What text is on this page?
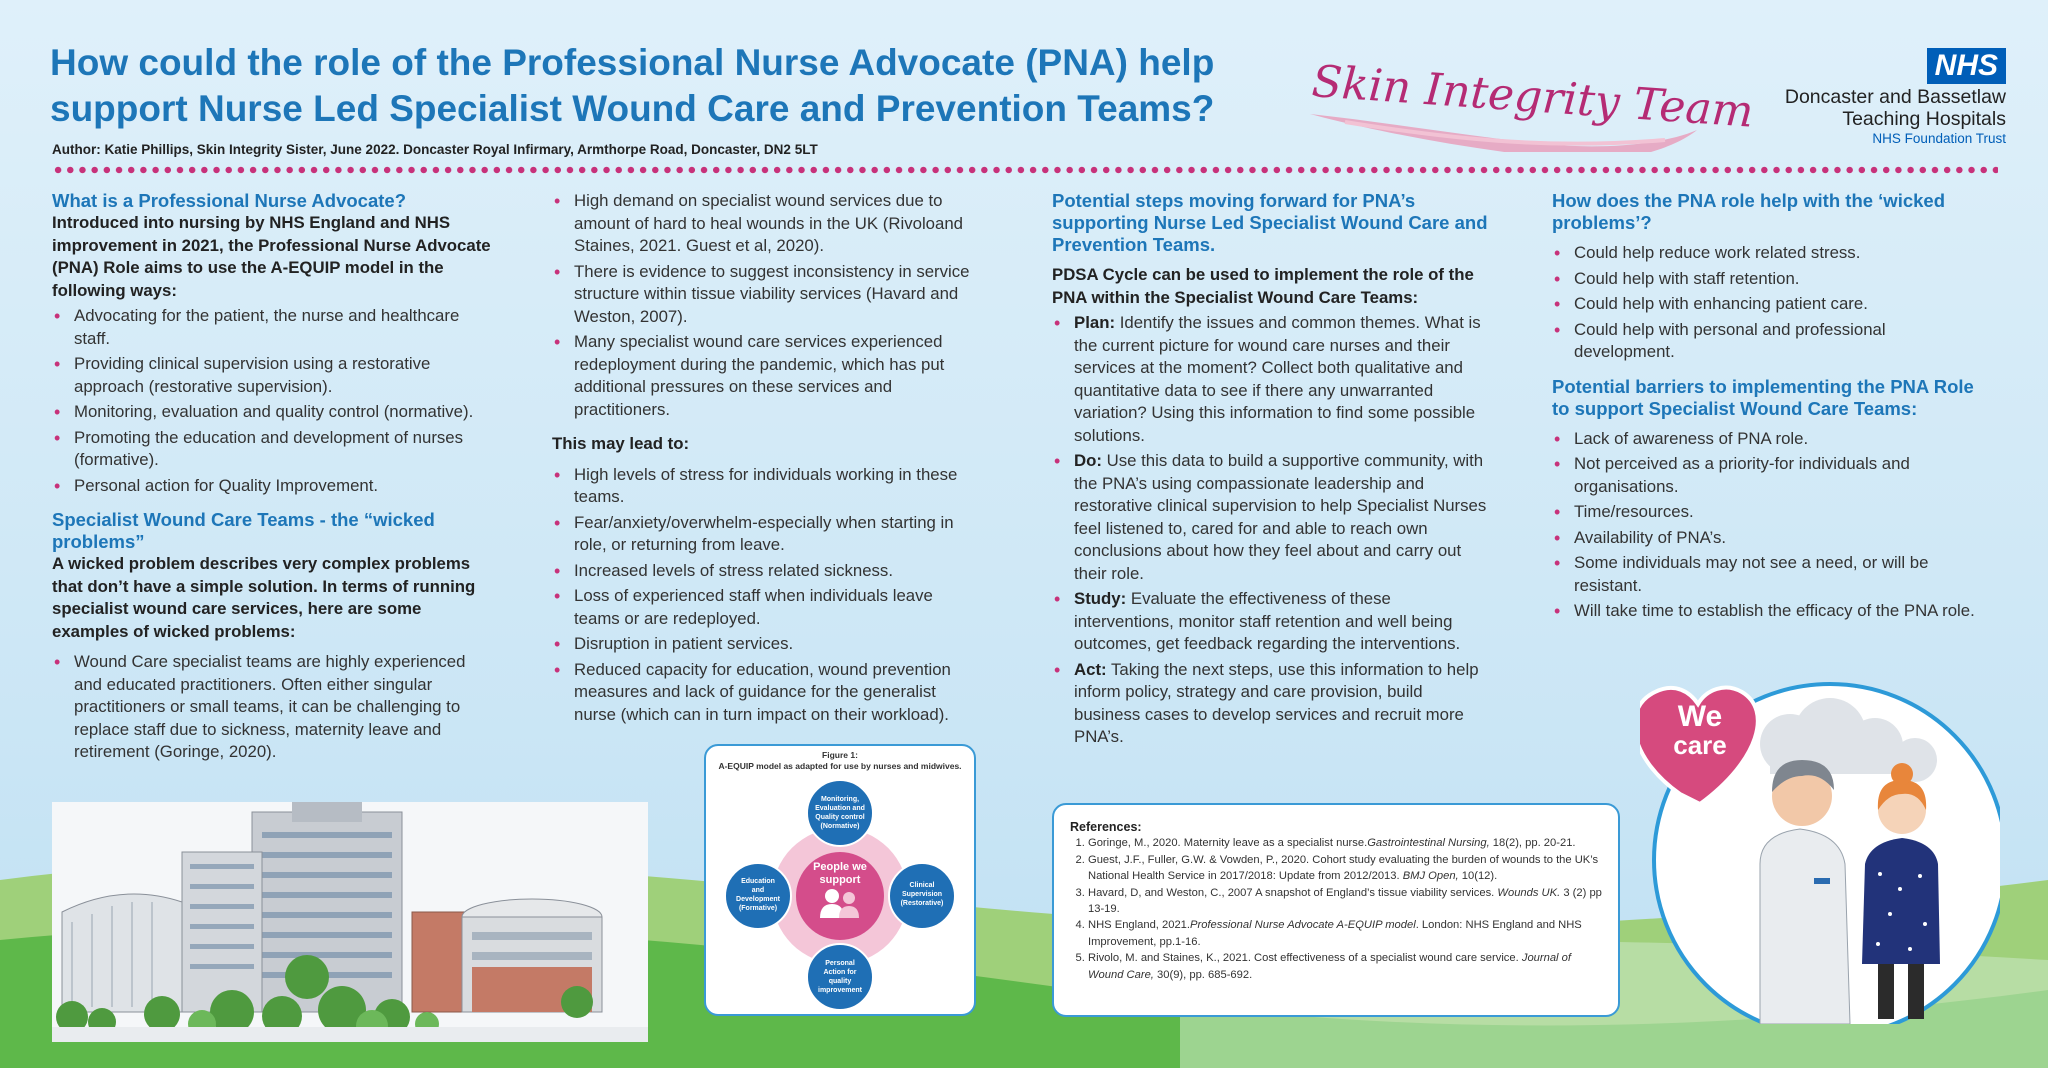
How could the role of the Professional Nurse Advocate (PNA) help support Nurse Led Specialist Wound Care and Prevention Teams?
Author: Katie Phillips, Skin Integrity Sister, June 2022. Doncaster Royal Infirmary, Armthorpe Road, Doncaster, DN2 5LT
Skin Integrity Team	NHS
Doncaster and Bassetlaw
Teaching Hospitals
NHS Foundation Trust
What is a Professional Nurse Advocate?

Introduced into nursing by NHS England and NHS improvement in 2021, the Professional Nurse Advocate (PNA) Role aims to use the A-EQUIP model in the following ways:

• Advocating for the patient, the nurse and healthcare staff.
• Providing clinical supervision using a restorative approach (restorative supervision).
• Monitoring, evaluation and quality control (normative).
• Promoting the education and development of nurses (formative).
• Personal action for Quality Improvement.
Specialist Wound Care Teams - the “wicked problems”

A wicked problem describes very complex problems that don’t have a simple solution. In terms of running specialist wound care services, here are some examples of wicked problems:

• Wound Care specialist teams are highly experienced and educated practitioners. Often either singular practitioners or small teams, it can be challenging to replace staff due to sickness, maternity leave and retirement (Goringe, 2020).
• High demand on specialist wound services due to amount of hard to heal wounds in the UK (Rivoloand Staines, 2021. Guest et al, 2020).
• There is evidence to suggest inconsistency in service structure within tissue viability services (Havard and Weston, 2007).
• Many specialist wound care services experienced redeployment during the pandemic, which has put additional pressures on these services and practitioners.

This may lead to:

• High levels of stress for individuals working in these teams.
• Fear/anxiety/overwhelm-especially when starting in role, or returning from leave.
• Increased levels of stress related sickness.
• Loss of experienced staff when individuals leave teams or are redeployed.
• Disruption in patient services.
• Reduced capacity for education, wound prevention measures and lack of guidance for the generalist nurse (which can in turn impact on their workload).
Figure 1:
A-EQUIP model as adapted for use by nurses and midwives.
People we
support
Monitoring,
Evaluation and
Quality control
(Normative)
Education
and
Development
(Formative)
Clinical
Supervision
(Restorative)
Personal
Action for
quality
improvement
Potential steps moving forward for PNA’s supporting Nurse Led Specialist Wound Care and Prevention Teams.

PDSA Cycle can be used to implement the role of the PNA within the Specialist Wound Care Teams:

• Plan: Identify the issues and common themes. What is the current picture for wound care nurses and their services at the moment? Collect both qualitative and quantitative data to see if there any unwarranted variation? Using this information to find some possible solutions.
• Do: Use this data to build a supportive community, with the PNA’s using compassionate leadership and restorative clinical supervision to help Specialist Nurses feel listened to, cared for and able to reach own conclusions about how they feel about and carry out their role.
• Study: Evaluate the effectiveness of these interventions, monitor staff retention and well being outcomes, get feedback regarding the interventions.
• Act: Taking the next steps, use this information to help inform policy, strategy and care provision, build business cases to develop services and recruit more PNA’s.
References:
1. Goringe, M., 2020. Maternity leave as a specialist nurse.Gastrointestinal Nursing, 18(2), pp. 20-21.
2. Guest, J.F., Fuller, G.W. & Vowden, P., 2020. Cohort study evaluating the burden of wounds to the UK’s National Health Service in 2017/2018: Update from 2012/2013. BMJ Open, 10(12).
3. Havard, D, and Weston, C., 2007 A snapshot of England’s tissue viability services. Wounds UK. 3 (2) pp 13-19.
4. NHS England, 2021.Professional Nurse Advocate A-EQUIP model. London: NHS England and NHS Improvement, pp.1-16.
5. Rivolo, M. and Staines, K., 2021. Cost effectiveness of a specialist wound care service. Journal of Wound Care, 30(9), pp. 685-692.
How does the PNA role help with the ‘wicked problems’?
• Could help reduce work related stress.
• Could help with staff retention.
• Could help with enhancing patient care.
• Could help with personal and professional development.
Potential barriers to implementing the PNA Role to support Specialist Wound Care Teams:
• Lack of awareness of PNA role.
• Not perceived as a priority-for individuals and organisations.
• Time/resources.
• Availability of PNA’s.
• Some individuals may not see a need, or will be resistant.
• Will take time to establish the efficacy of the PNA role.
We
care
